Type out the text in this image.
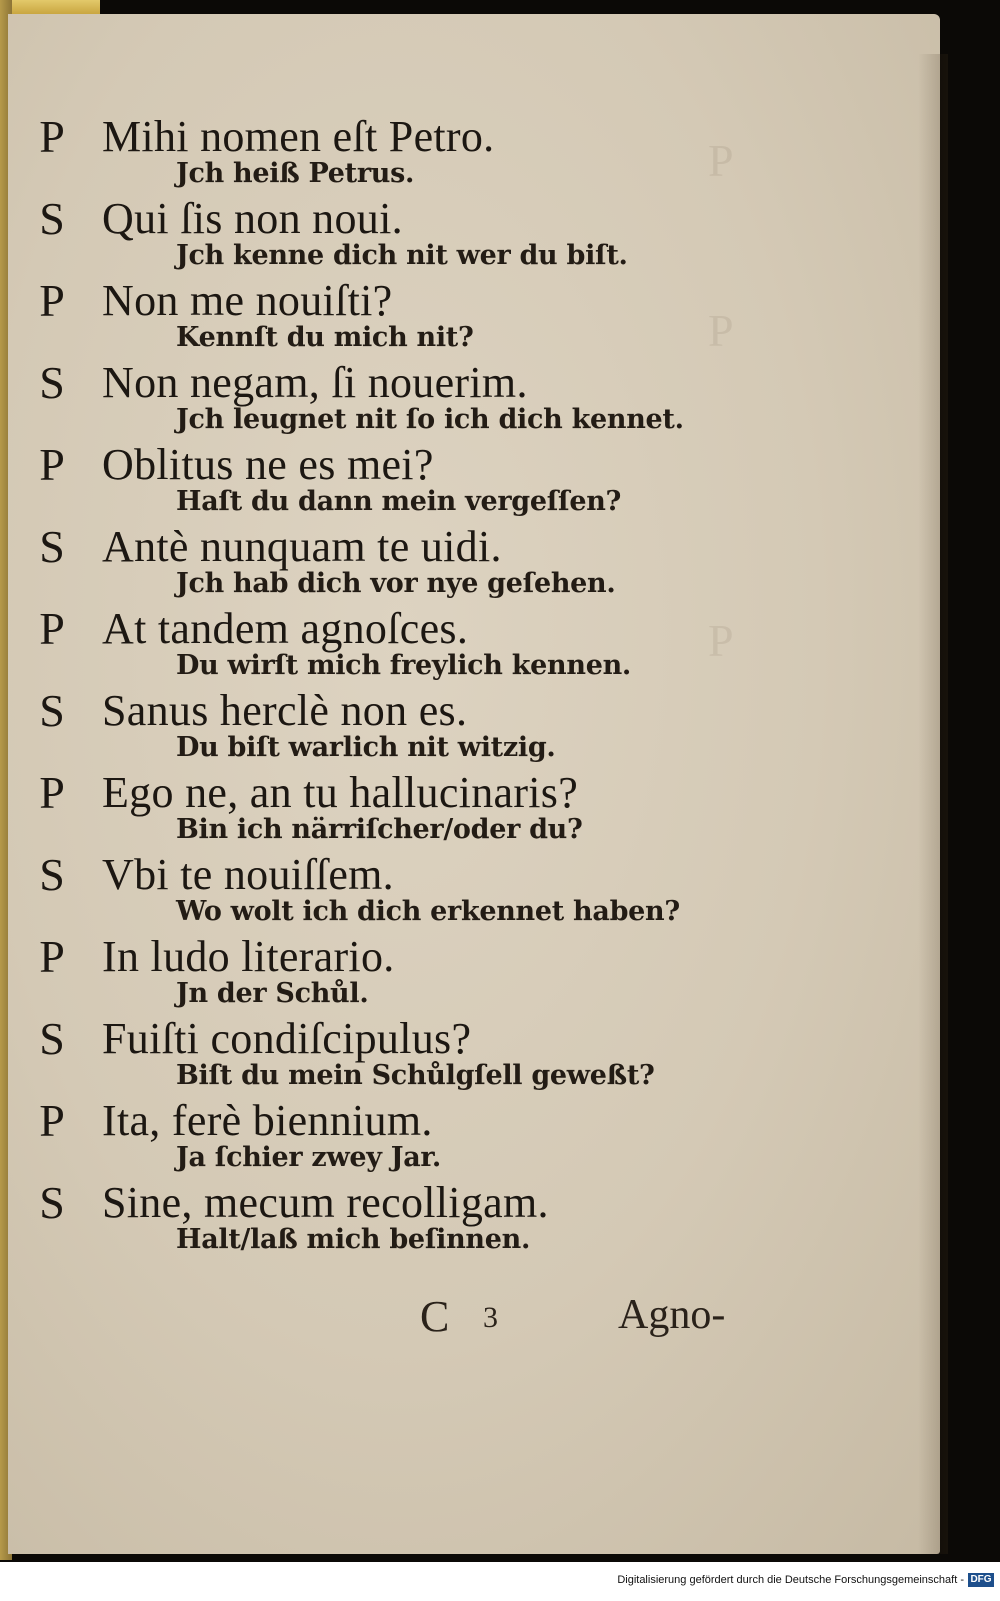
P
P
P
P Mihi nomen eſt Petro.
Jch heiß Petrus.
S Qui ſis non noui.
Jch kenne dich nit wer du biſt.
P Non me nouiſti?
Kennſt du mich nit?
S Non negam, ſi nouerim.
Jch leugnet nit ſo ich dich kennet.
P Oblitus ne es mei?
Haſt du dann mein vergeſſen?
S Antè nunquam te uidi.
Jch hab dich vor nye geſehen.
P At tandem agnoſces.
Du wirſt mich freylich kennen.
S Sanus herclè non es.
Du biſt warlich nit witzig.
P Ego ne, an tu hallucinaris?
Bin ich närriſcher/oder du?
S Vbi te nouiſſem.
Wo wolt ich dich erkennet haben?
P In ludo literario.
Jn der Schůl.
S Fuiſti condiſcipulus?
Biſt du mein Schůlgſell geweßt?
P Ita, ferè biennium.
Ja ſchier zwey Jar.
S Sine, mecum recolligam.
Halt/laß mich beſinnen.
C 3	Agno-
Digitalisierung gefördert durch die Deutsche Forschungsgemeinschaft - DFG
